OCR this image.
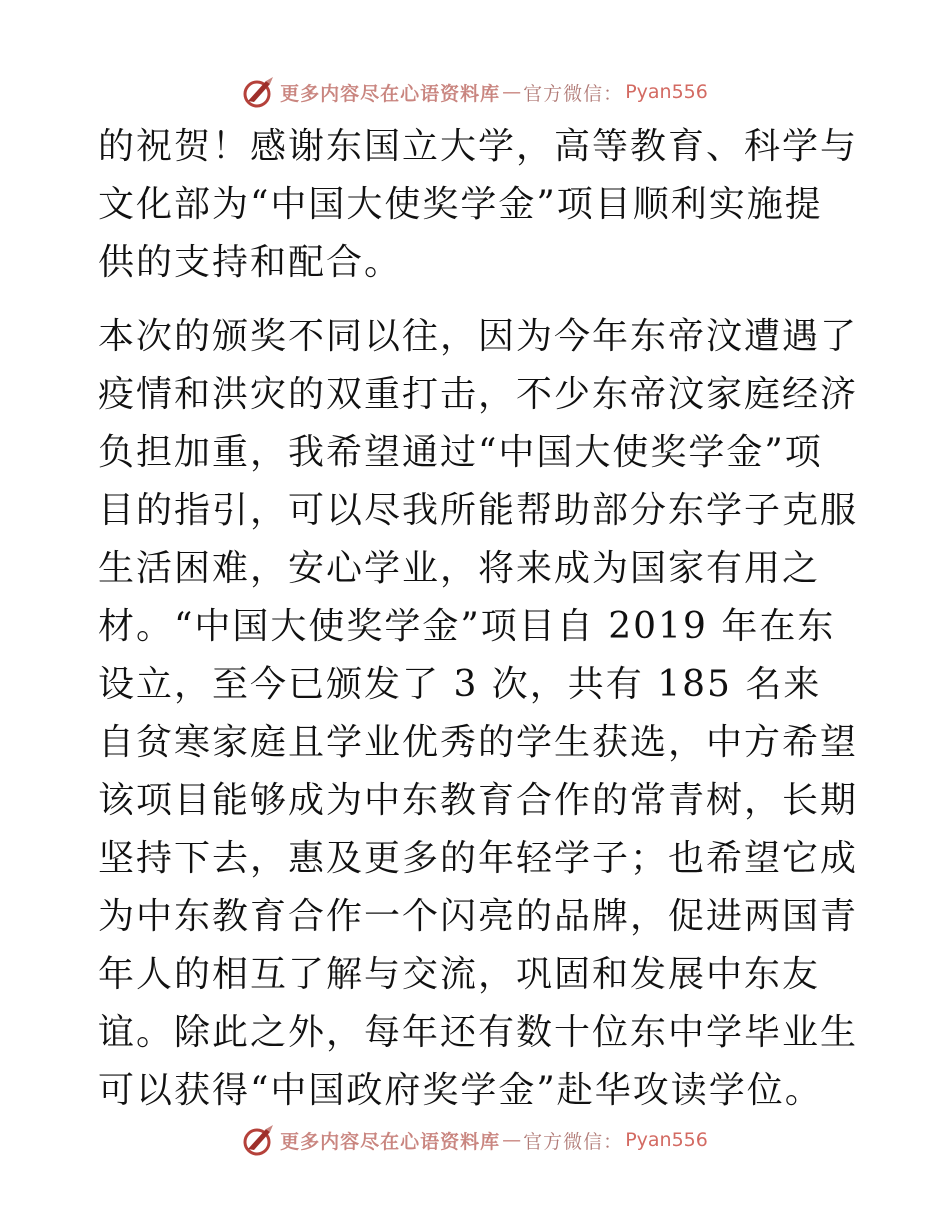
更多内容尽在心语资料库 — 官方微信： Pyan556

的祝贺！感谢东国立大学，高等教育、科学与文化部为“中国大使奖学金”项目顺利实施提供的支持和配合。

本次的颁奖不同以往，因为今年东帝汶遭遇了疫情和洪灾的双重打击，不少东帝汶家庭经济负担加重，我希望通过“中国大使奖学金”项目的指引，可以尽我所能帮助部分东学子克服生活困难，安心学业，将来成为国家有用之材。“中国大使奖学金”项目自 2019 年在东设立，至今已颁发了 3 次，共有 185 名来自贫寒家庭且学业优秀的学生获选，中方希望该项目能够成为中东教育合作的常青树，长期坚持下去，惠及更多的年轻学子；也希望它成为中东教育合作一个闪亮的品牌，促进两国青年人的相互了解与交流，巩固和发展中东友谊。除此之外，每年还有数十位东中学毕业生可以获得“中国政府奖学金”赴华攻读学位。

更多内容尽在心语资料库 — 官方微信： Pyan556
